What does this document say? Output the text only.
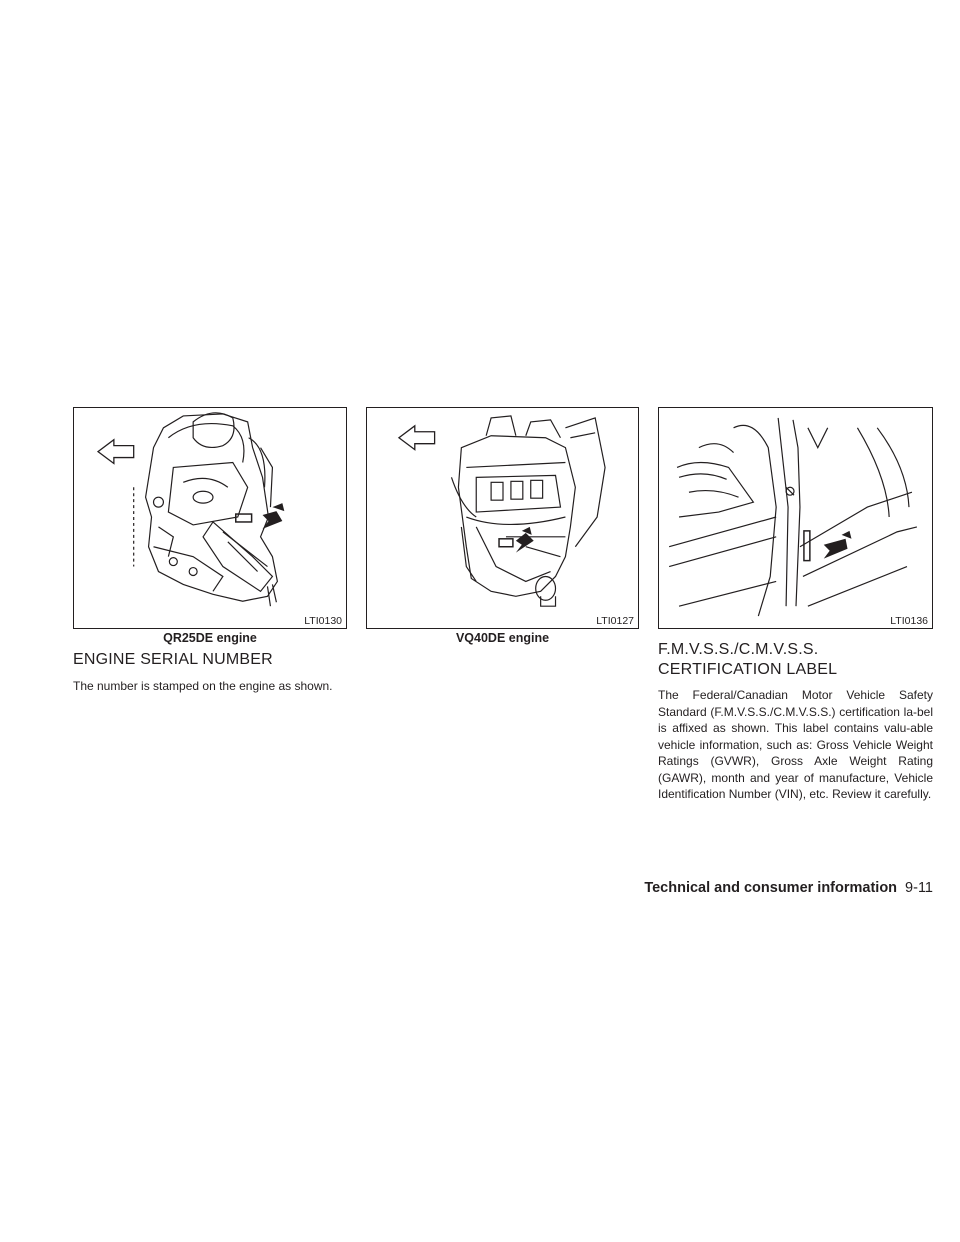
LTI0130
QR25DE engine
LTI0127
VQ40DE engine
LTI0136
ENGINE SERIAL NUMBER

The number is stamped on the engine as shown.

F.M.V.S.S./C.M.V.S.S.
CERTIFICATION LABEL

The Federal/Canadian Motor Vehicle Safety Standard (F.M.V.S.S./C.M.V.S.S.) certification la-bel is affixed as shown. This label contains valu-able vehicle information, such as: Gross Vehicle Weight Ratings (GVWR), Gross Axle Weight Rating (GAWR), month and year of manufacture, Vehicle Identification Number (VIN), etc. Review it carefully.

Technical and consumer information 9-11
